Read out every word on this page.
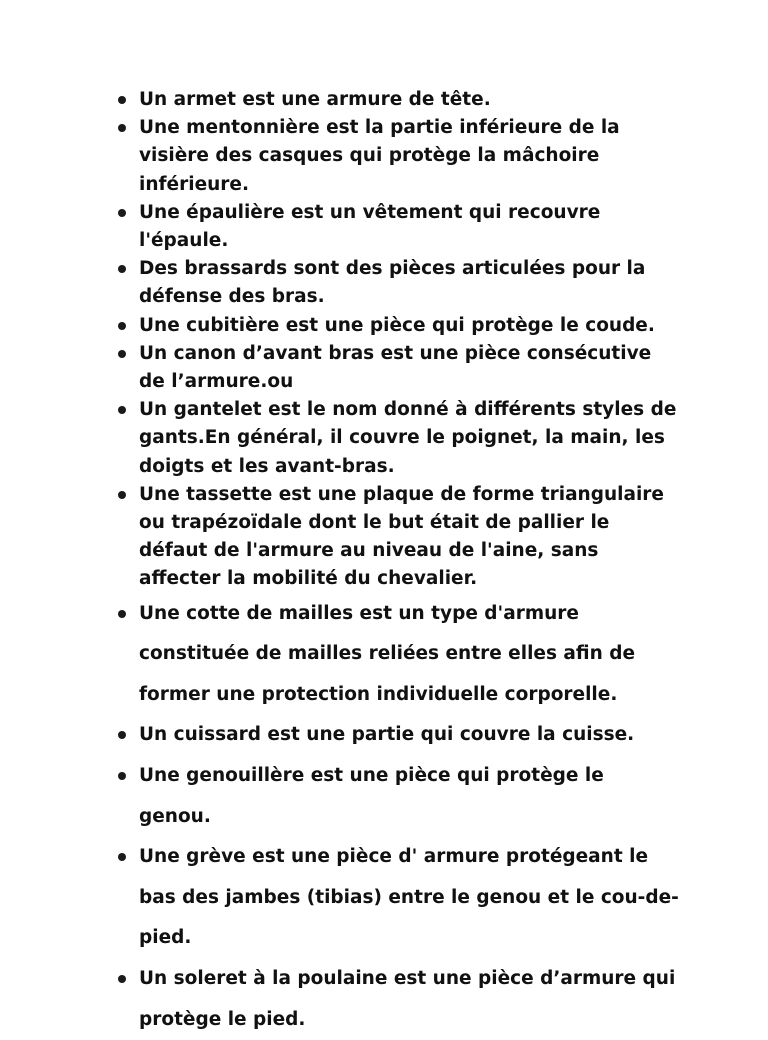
Un armet est une armure de tête.
Une mentonnière est la partie inférieure de la visière des casques qui protège la mâchoire inférieure.
Une épaulière est un vêtement qui recouvre l'épaule.
Des brassards sont des pièces articulées pour la défense des bras.
Une cubitière est une pièce qui protège le coude.
Un canon d’avant bras est une pièce consécutive de l’armure.ou
Un gantelet est le nom donné à différents styles de gants.En général, il couvre le poignet, la main, les doigts et les avant-bras.
Une tassette est une plaque de forme triangulaire ou trapézoïdale dont le but était de pallier le défaut de l'armure au niveau de l'aine, sans affecter la mobilité du chevalier.
Une cotte de mailles est un type d'armure constituée de mailles reliées entre elles afin de former une protection individuelle corporelle.
Un cuissard est une partie qui couvre la cuisse.
Une genouillère est une pièce qui protège le genou.
Une grève est une pièce d' armure protégeant le bas des jambes (tibias) entre le genou et le cou-de-pied.
Un soleret à la poulaine est une pièce d’armure qui protège le pied.
